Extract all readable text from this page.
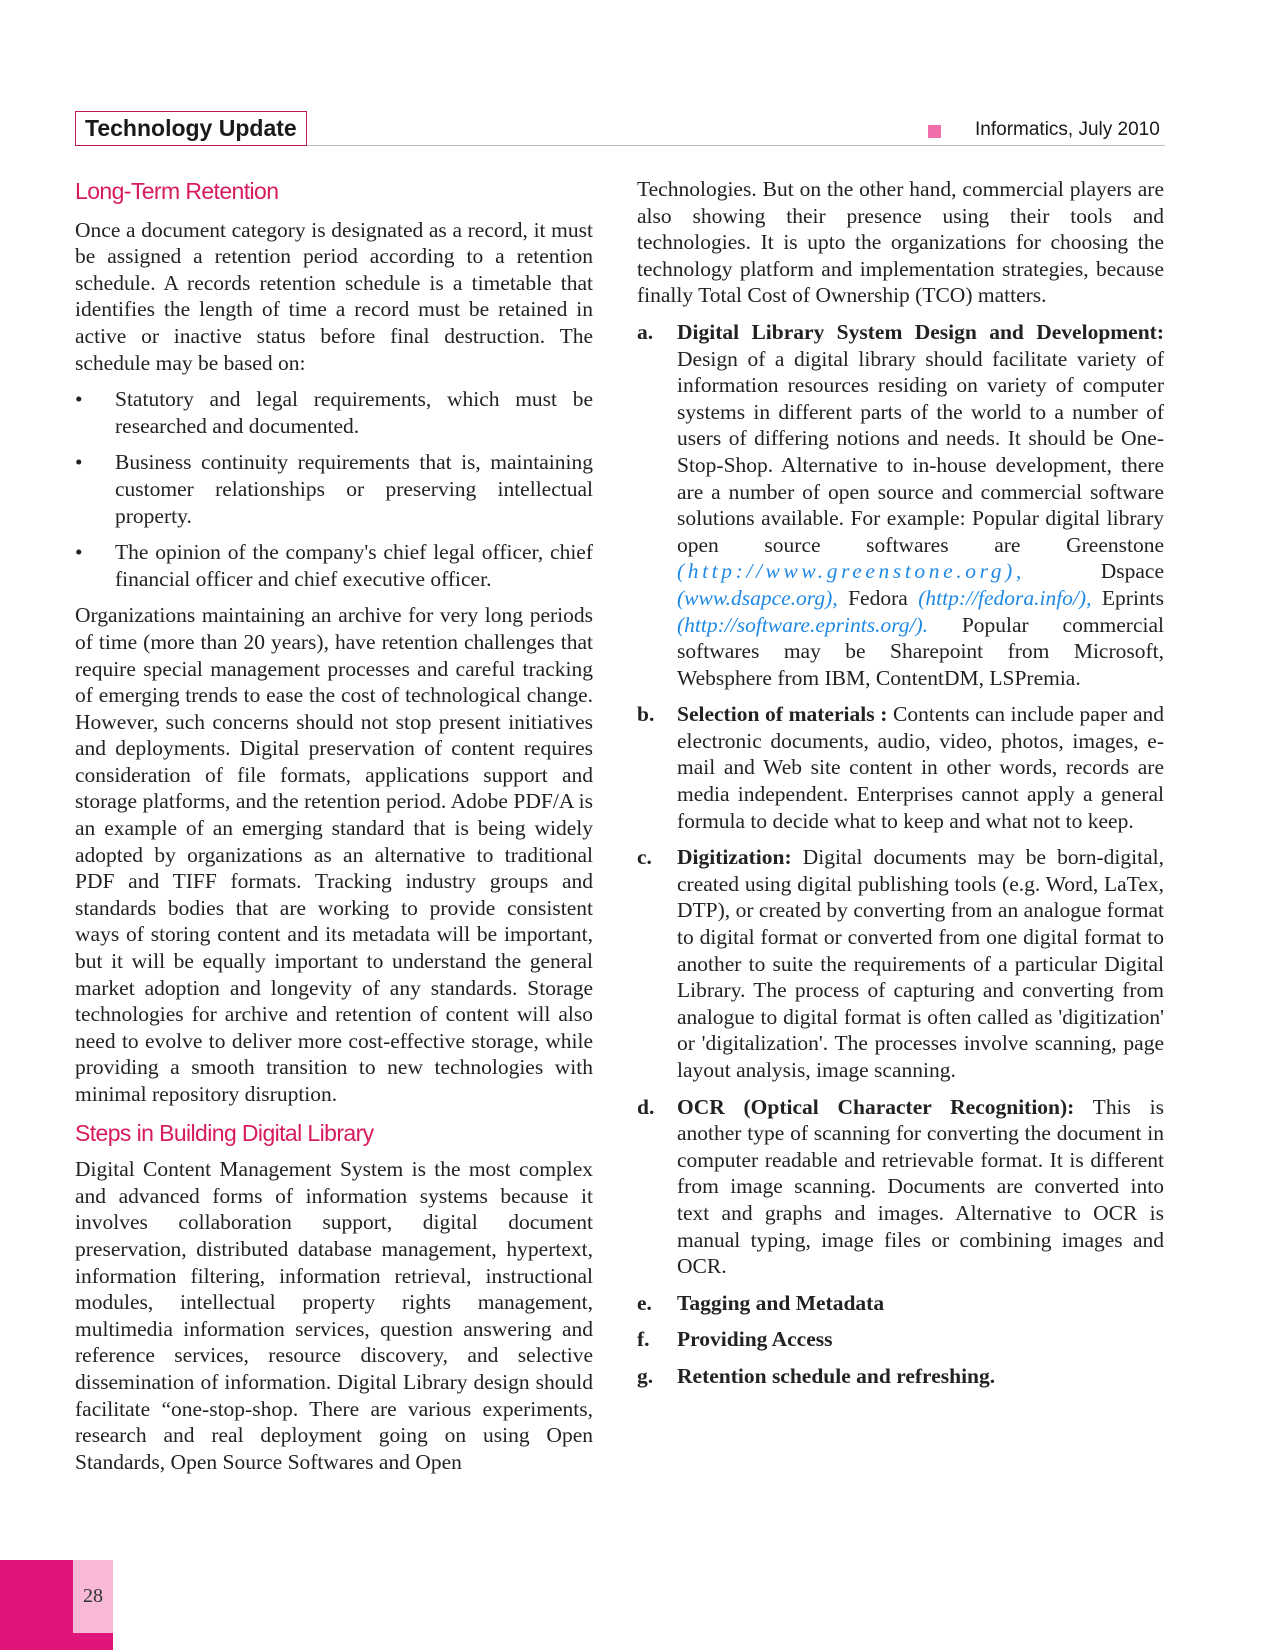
Technology Update	Informatics, July 2010

Long-Term Retention

Once a document category is designated as a record, it must be assigned a retention period according to a retention schedule. A records retention schedule is a timetable that identifies the length of time a record must be retained in active or inactive status before final destruction. The schedule may be based on:

• Statutory and legal requirements, which must be researched and documented.
• Business continuity requirements that is, maintaining customer relationships or preserving intellectual property.
• The opinion of the company's chief legal officer, chief financial officer and chief executive officer.

Organizations maintaining an archive for very long periods of time (more than 20 years), have retention challenges that require special management processes and careful tracking of emerging trends to ease the cost of technological change. However, such concerns should not stop present initiatives and deployments. Digital preservation of content requires consideration of file formats, applications support and storage platforms, and the retention period. Adobe PDF/A is an example of an emerging standard that is being widely adopted by organizations as an alternative to traditional PDF and TIFF formats. Tracking industry groups and standards bodies that are working to provide consistent ways of storing content and its metadata will be important, but it will be equally important to understand the general market adoption and longevity of any standards. Storage technologies for archive and retention of content will also need to evolve to deliver more cost-effective storage, while providing a smooth transition to new technologies with minimal repository disruption.

Steps in Building Digital Library

Digital Content Management System is the most complex and advanced forms of information systems because it involves collaboration support, digital document preservation, distributed database management, hypertext, information filtering, information retrieval, instructional modules, intellectual property rights management, multimedia information services, question answering and reference services, resource discovery, and selective dissemination of information. Digital Library design should facilitate “one-stop-shop. There are various experiments, research and real deployment going on using Open Standards, Open Source Softwares and Open

Technologies. But on the other hand, commercial players are also showing their presence using their tools and technologies. It is upto the organizations for choosing the technology platform and implementation strategies, because finally Total Cost of Ownership (TCO) matters.

a. Digital Library System Design and Development: Design of a digital library should facilitate variety of information resources residing on variety of computer systems in different parts of the world to a number of users of differing notions and needs. It should be One-Stop-Shop. Alternative to in-house development, there are a number of open source and commercial software solutions available. For example: Popular digital library open source softwares are Greenstone (http://www.greenstone.org), Dspace (www.dsapce.org), Fedora (http://fedora.info/), Eprints (http://software.eprints.org/). Popular commercial softwares may be Sharepoint from Microsoft, Websphere from IBM, ContentDM, LSPremia.
b. Selection of materials : Contents can include paper and electronic documents, audio, video, photos, images, e-mail and Web site content in other words, records are media independent. Enterprises cannot apply a general formula to decide what to keep and what not to keep.
c. Digitization: Digital documents may be born-digital, created using digital publishing tools (e.g. Word, LaTex, DTP), or created by converting from an analogue format to digital format or converted from one digital format to another to suite the requirements of a particular Digital Library. The process of capturing and converting from analogue to digital format is often called as 'digitization' or 'digitalization'. The processes involve scanning, page layout analysis, image scanning.
d. OCR (Optical Character Recognition): This is another type of scanning for converting the document in computer readable and retrievable format. It is different from image scanning. Documents are converted into text and graphs and images. Alternative to OCR is manual typing, image files or combining images and OCR.
e. Tagging and Metadata
f. Providing Access
g. Retention schedule and refreshing.
28
